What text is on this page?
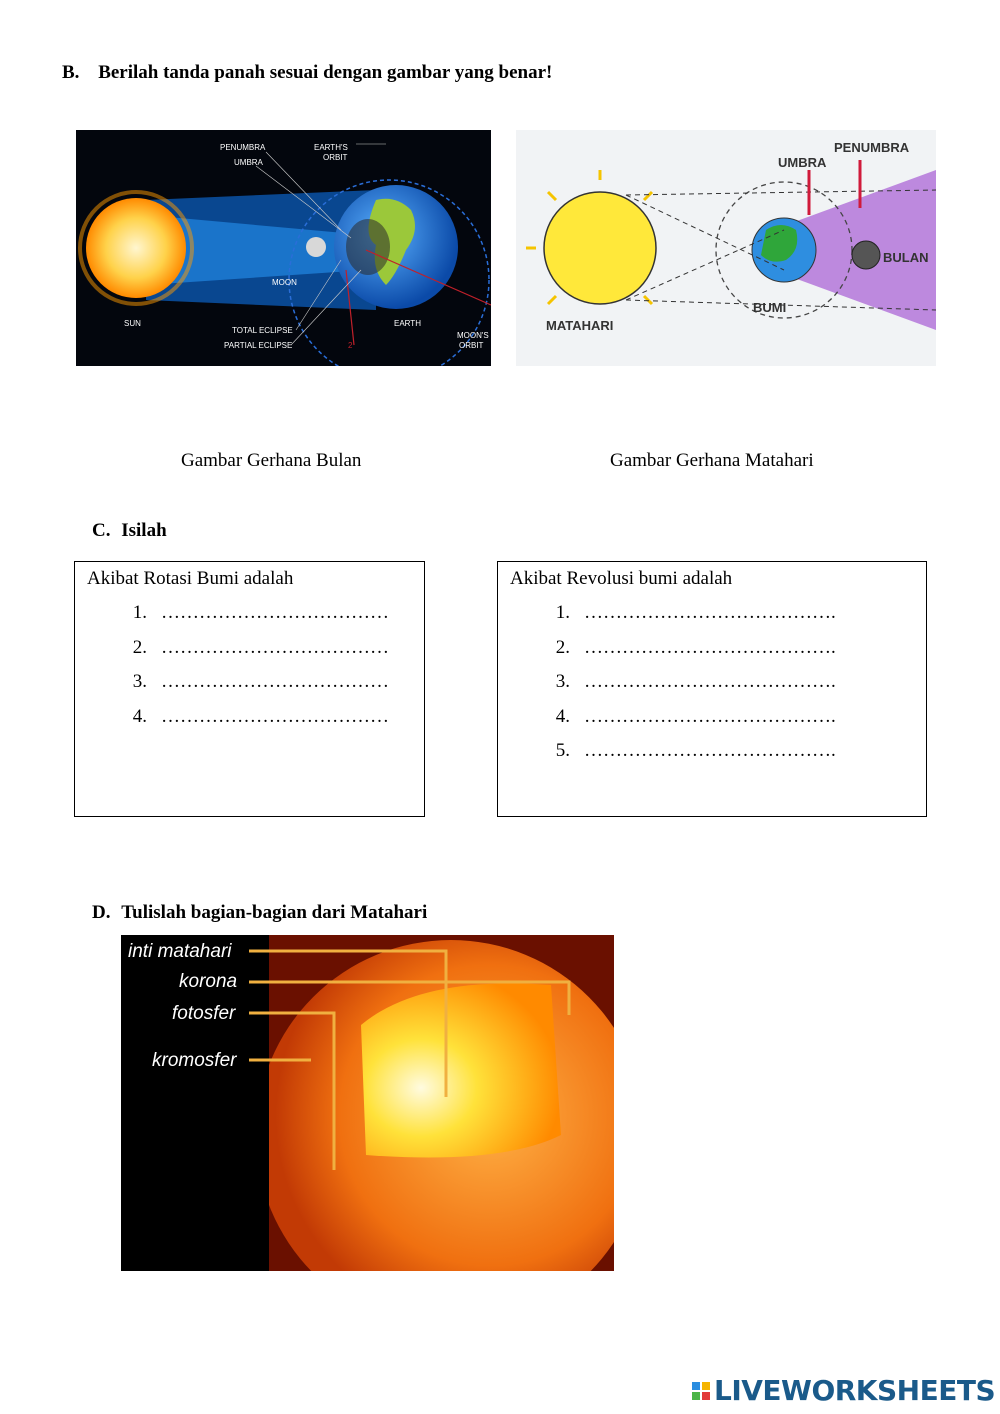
B. Berilah tanda panah sesuai dengan gambar yang benar!
PENUMBRA
UMBRA
EARTH'S
ORBIT
MOON
SUN
TOTAL ECLIPSE
PARTIAL ECLIPSE
EARTH
MOON'S
ORBIT
2
UMBRA
PENUMBRA
BULAN
BUMI
MATAHARI
Gambar Gerhana Bulan	Gambar Gerhana Matahari
C. Isilah
Akibat Rotasi Bumi adalah
1. ………………………………
2. ………………………………
3. ………………………………
4. ………………………………
Akibat Revolusi bumi adalah
1. ………………………………….
2. ………………………………….
3. ………………………………….
4. ………………………………….
5. ………………………………….
D. Tulislah bagian-bagian dari Matahari
inti matahari
korona
fotosfer
kromosfer
LIVEWORKSHEETS
